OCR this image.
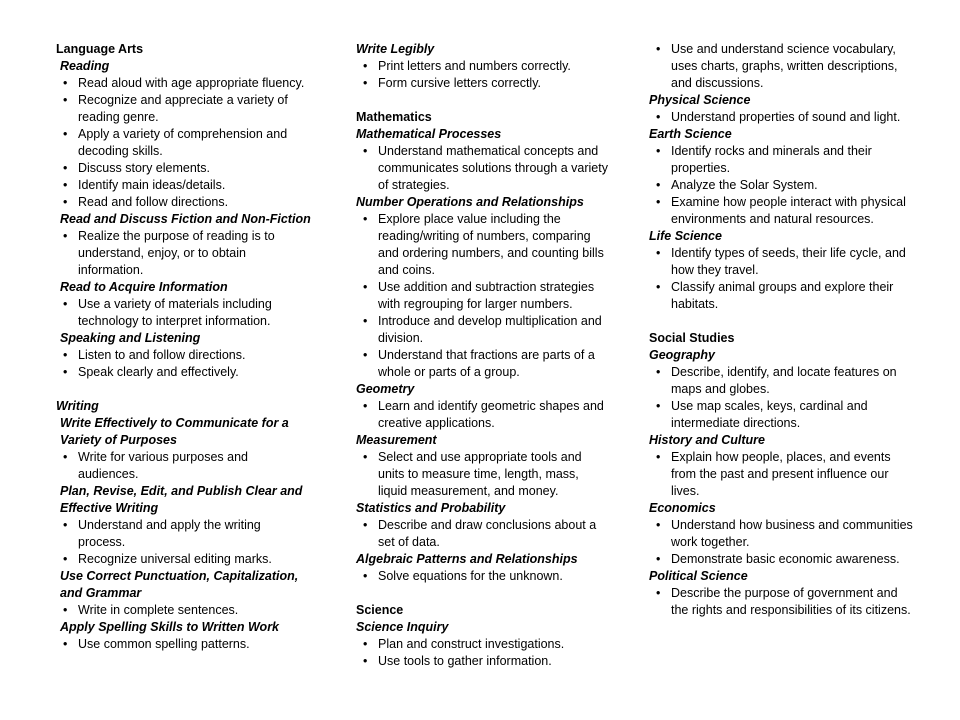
Language Arts
Reading
• Read aloud with age appropriate fluency.
• Recognize and appreciate a variety of reading genre.
• Apply a variety of comprehension and decoding skills.
• Discuss story elements.
• Identify main ideas/details.
• Read and follow directions.
Read and Discuss Fiction and Non-Fiction
• Realize the purpose of reading is to understand, enjoy, or to obtain information.
Read to Acquire Information
• Use a variety of materials including technology to interpret information.
Speaking and Listening
• Listen to and follow directions.
• Speak clearly and effectively.
Writing
Write Effectively to Communicate for a Variety of Purposes
• Write for various purposes and audiences.
Plan, Revise, Edit, and Publish Clear and Effective Writing
• Understand and apply the writing process.
• Recognize universal editing marks.
Use Correct Punctuation, Capitalization, and Grammar
• Write in complete sentences.
Apply Spelling Skills to Written Work
• Use common spelling patterns.
Write Legibly
• Print letters and numbers correctly.
• Form cursive letters correctly.
Mathematics
Mathematical Processes
• Understand mathematical concepts and communicates solutions through a variety of strategies.
Number Operations and Relationships
• Explore place value including the reading/writing of numbers, comparing and ordering numbers, and counting bills and coins.
• Use addition and subtraction strategies with regrouping for larger numbers.
• Introduce and develop multiplication and division.
• Understand that fractions are parts of a whole or parts of a group.
Geometry
• Learn and identify geometric shapes and creative applications.
Measurement
• Select and use appropriate tools and units to measure time, length, mass, liquid measurement, and money.
Statistics and Probability
• Describe and draw conclusions about a set of data.
Algebraic Patterns and Relationships
• Solve equations for the unknown.
Science
Science Inquiry
• Plan and construct investigations.
• Use tools to gather information.
• Use and understand science vocabulary, uses charts, graphs, written descriptions, and discussions.
Physical Science
• Understand properties of sound and light.
Earth Science
• Identify rocks and minerals and their properties.
• Analyze the Solar System.
• Examine how people interact with physical environments and natural resources.
Life Science
• Identify types of seeds, their life cycle, and how they travel.
• Classify animal groups and explore their habitats.
Social Studies
Geography
• Describe, identify, and locate features on maps and globes.
• Use map scales, keys, cardinal and intermediate directions.
History and Culture
• Explain how people, places, and events from the past and present influence our lives.
Economics
• Understand how business and communities work together.
• Demonstrate basic economic awareness.
Political Science
• Describe the purpose of government and the rights and responsibilities of its citizens.
